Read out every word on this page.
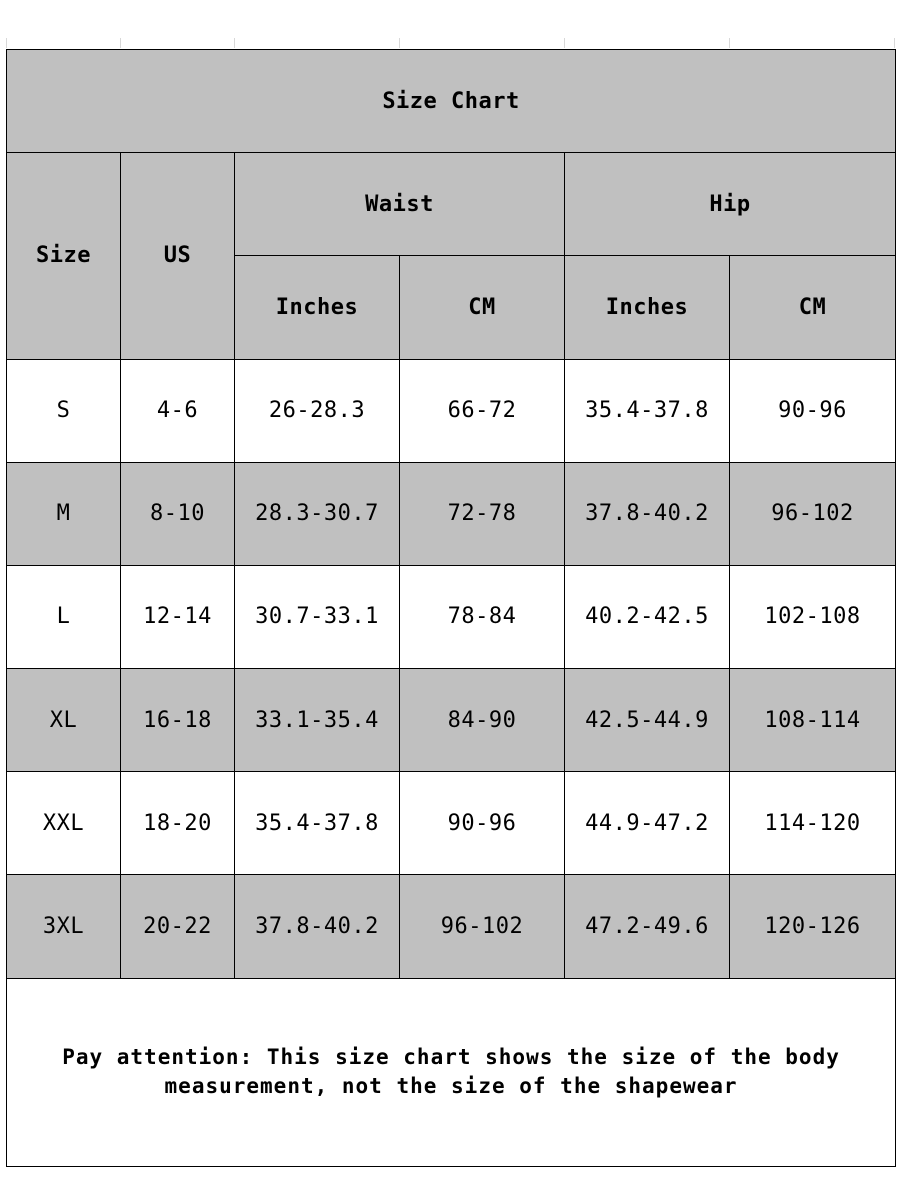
Size Chart					
Size	US	Waist		Hip	
		Inches	CM	Inches	CM
S	4-6	26-28.3	66-72	35.4-37.8	90-96
M	8-10	28.3-30.7	72-78	37.8-40.2	96-102
L	12-14	30.7-33.1	78-84	40.2-42.5	102-108
XL	16-18	33.1-35.4	84-90	42.5-44.9	108-114
XXL	18-20	35.4-37.8	90-96	44.9-47.2	114-120
3XL	20-22	37.8-40.2	96-102	47.2-49.6	120-126

Pay attention: This size chart shows the size of the body
measurement, not the size of the shapewear					
